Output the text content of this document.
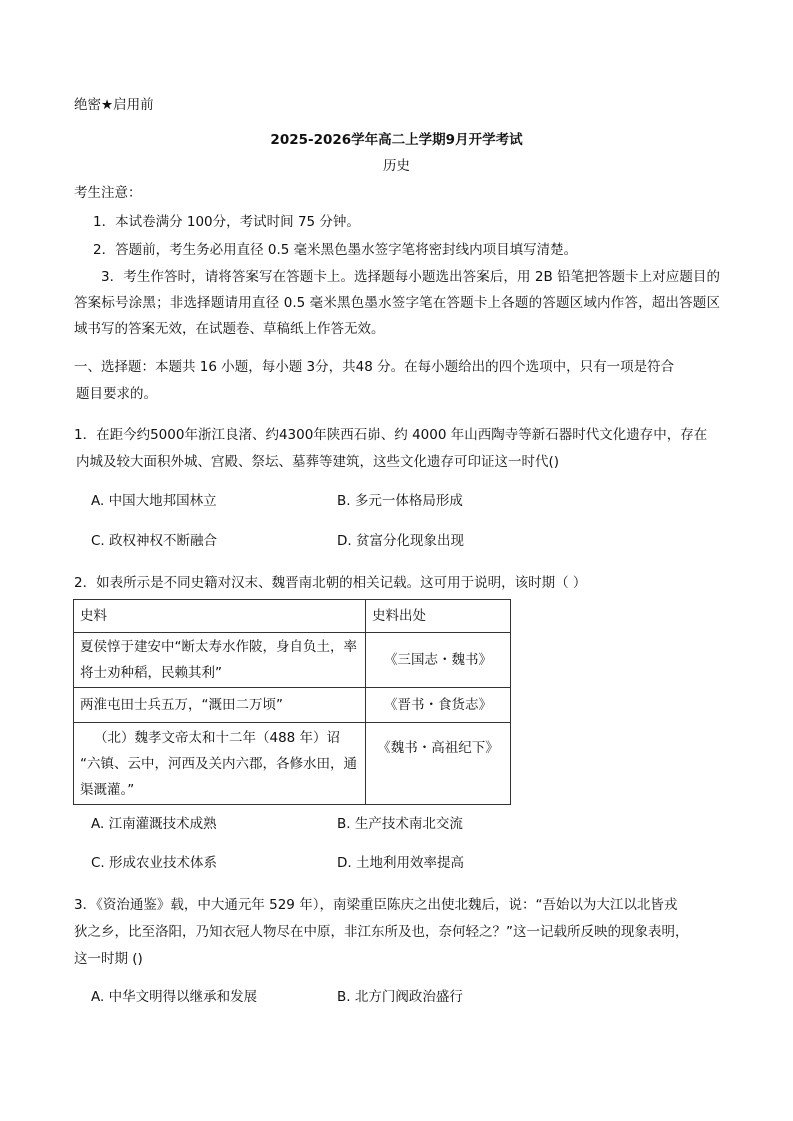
绝密★启用前
2025-2026学年高二上学期9月开学考试
历史
考生注意：
1．本试卷满分 100分，考试时间 75 分钟。
2．答题前，考生务必用直径 0.5 毫米黑色墨水签字笔将密封线内项目填写清楚。
3．考生作答时，请将答案写在答题卡上。选择题每小题选出答案后，用 2B 铅笔把答题卡上对应题目的答案标号涂黑；非选择题请用直径 0.5 毫米黑色墨水签字笔在答题卡上各题的答题区域内作答，超出答题区域书写的答案无效，在试题卷、草稿纸上作答无效。
一、选择题：本题共 16 小题，每小题 3分，共48 分。在每小题给出的四个选项中，只有一项是符合
题目要求的。
1．在距今约5000年浙江良渚、约4300年陕西石峁、约 4000 年山西陶寺等新石器时代文化遗存中，存在
内城及较大面积外城、宫殿、祭坛、墓葬等建筑，这些文化遗存可印证这一时代()
A. 中国大地邦国林立	B. 多元一体格局形成
C. 政权神权不断融合	D. 贫富分化现象出现
2．如表所示是不同史籍对汉末、魏晋南北朝的相关记载。这可用于说明，该时期（ ）
史料	史料出处
夏侯惇于建安中“断太寿水作陂，身自负土，率将士劝种稻，民赖其利”	《三国志・魏书》
两淮屯田士兵五万，“溉田二万顷”	《晋书・食货志》
（北）魏孝文帝太和十二年（488 年）诏 “六镇、云中，河西及关内六郡，各修水田，通渠溉灌。”	《魏书・高祖纪下》
A. 江南灌溉技术成熟	B. 生产技术南北交流
C. 形成农业技术体系	D. 土地利用效率提高
3．《资治通鉴》载，中大通元年 529 年），南梁重臣陈庆之出使北魏后，说：“吾始以为大江以北皆戎
狄之乡，比至洛阳，乃知衣冠人物尽在中原，非江东所及也，奈何轻之？”这一记载所反映的现象表明，
这一时期 ()
A. 中华文明得以继承和发展	B. 北方门阀政治盛行
